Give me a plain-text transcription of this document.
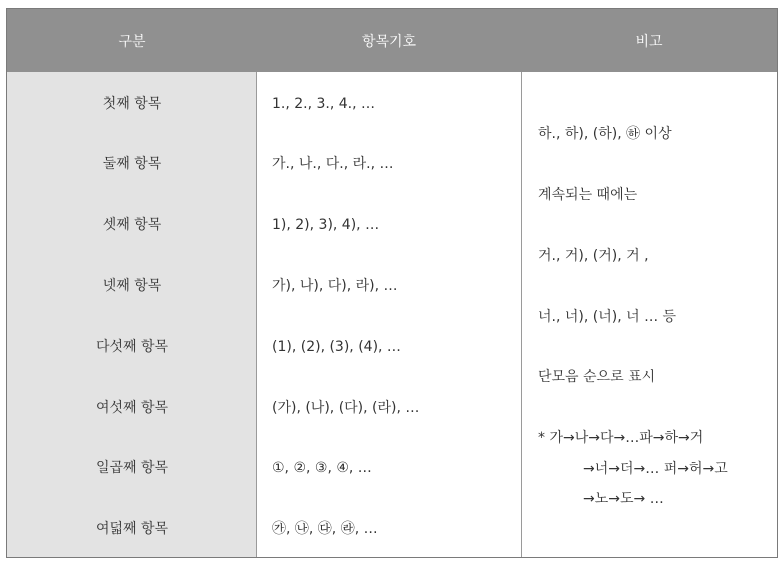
구분	항목기호	비고
첫째 항목
둘째 항목
셋째 항목
넷째 항목
다섯째 항목
여섯째 항목
일곱째 항목
여덟째 항목
1., 2., 3., 4., …
가., 나., 다., 라., …
1), 2), 3), 4), …
가), 나), 다), 라), …
(1), (2), (3), (4), …
(가), (나), (다), (라), …
①, ②, ③, ④, …
㉮, ㉯, ㉰, ㉱, …
하., 하), (하), ㉻ 이상
계속되는 때에는
거., 거), (거), 거 ,
너., 너), (너), 너 … 등
단모음 순으로 표시
* 가→나→다→…파→하→거
→너→더→… 퍼→허→고
→노→도→ …
